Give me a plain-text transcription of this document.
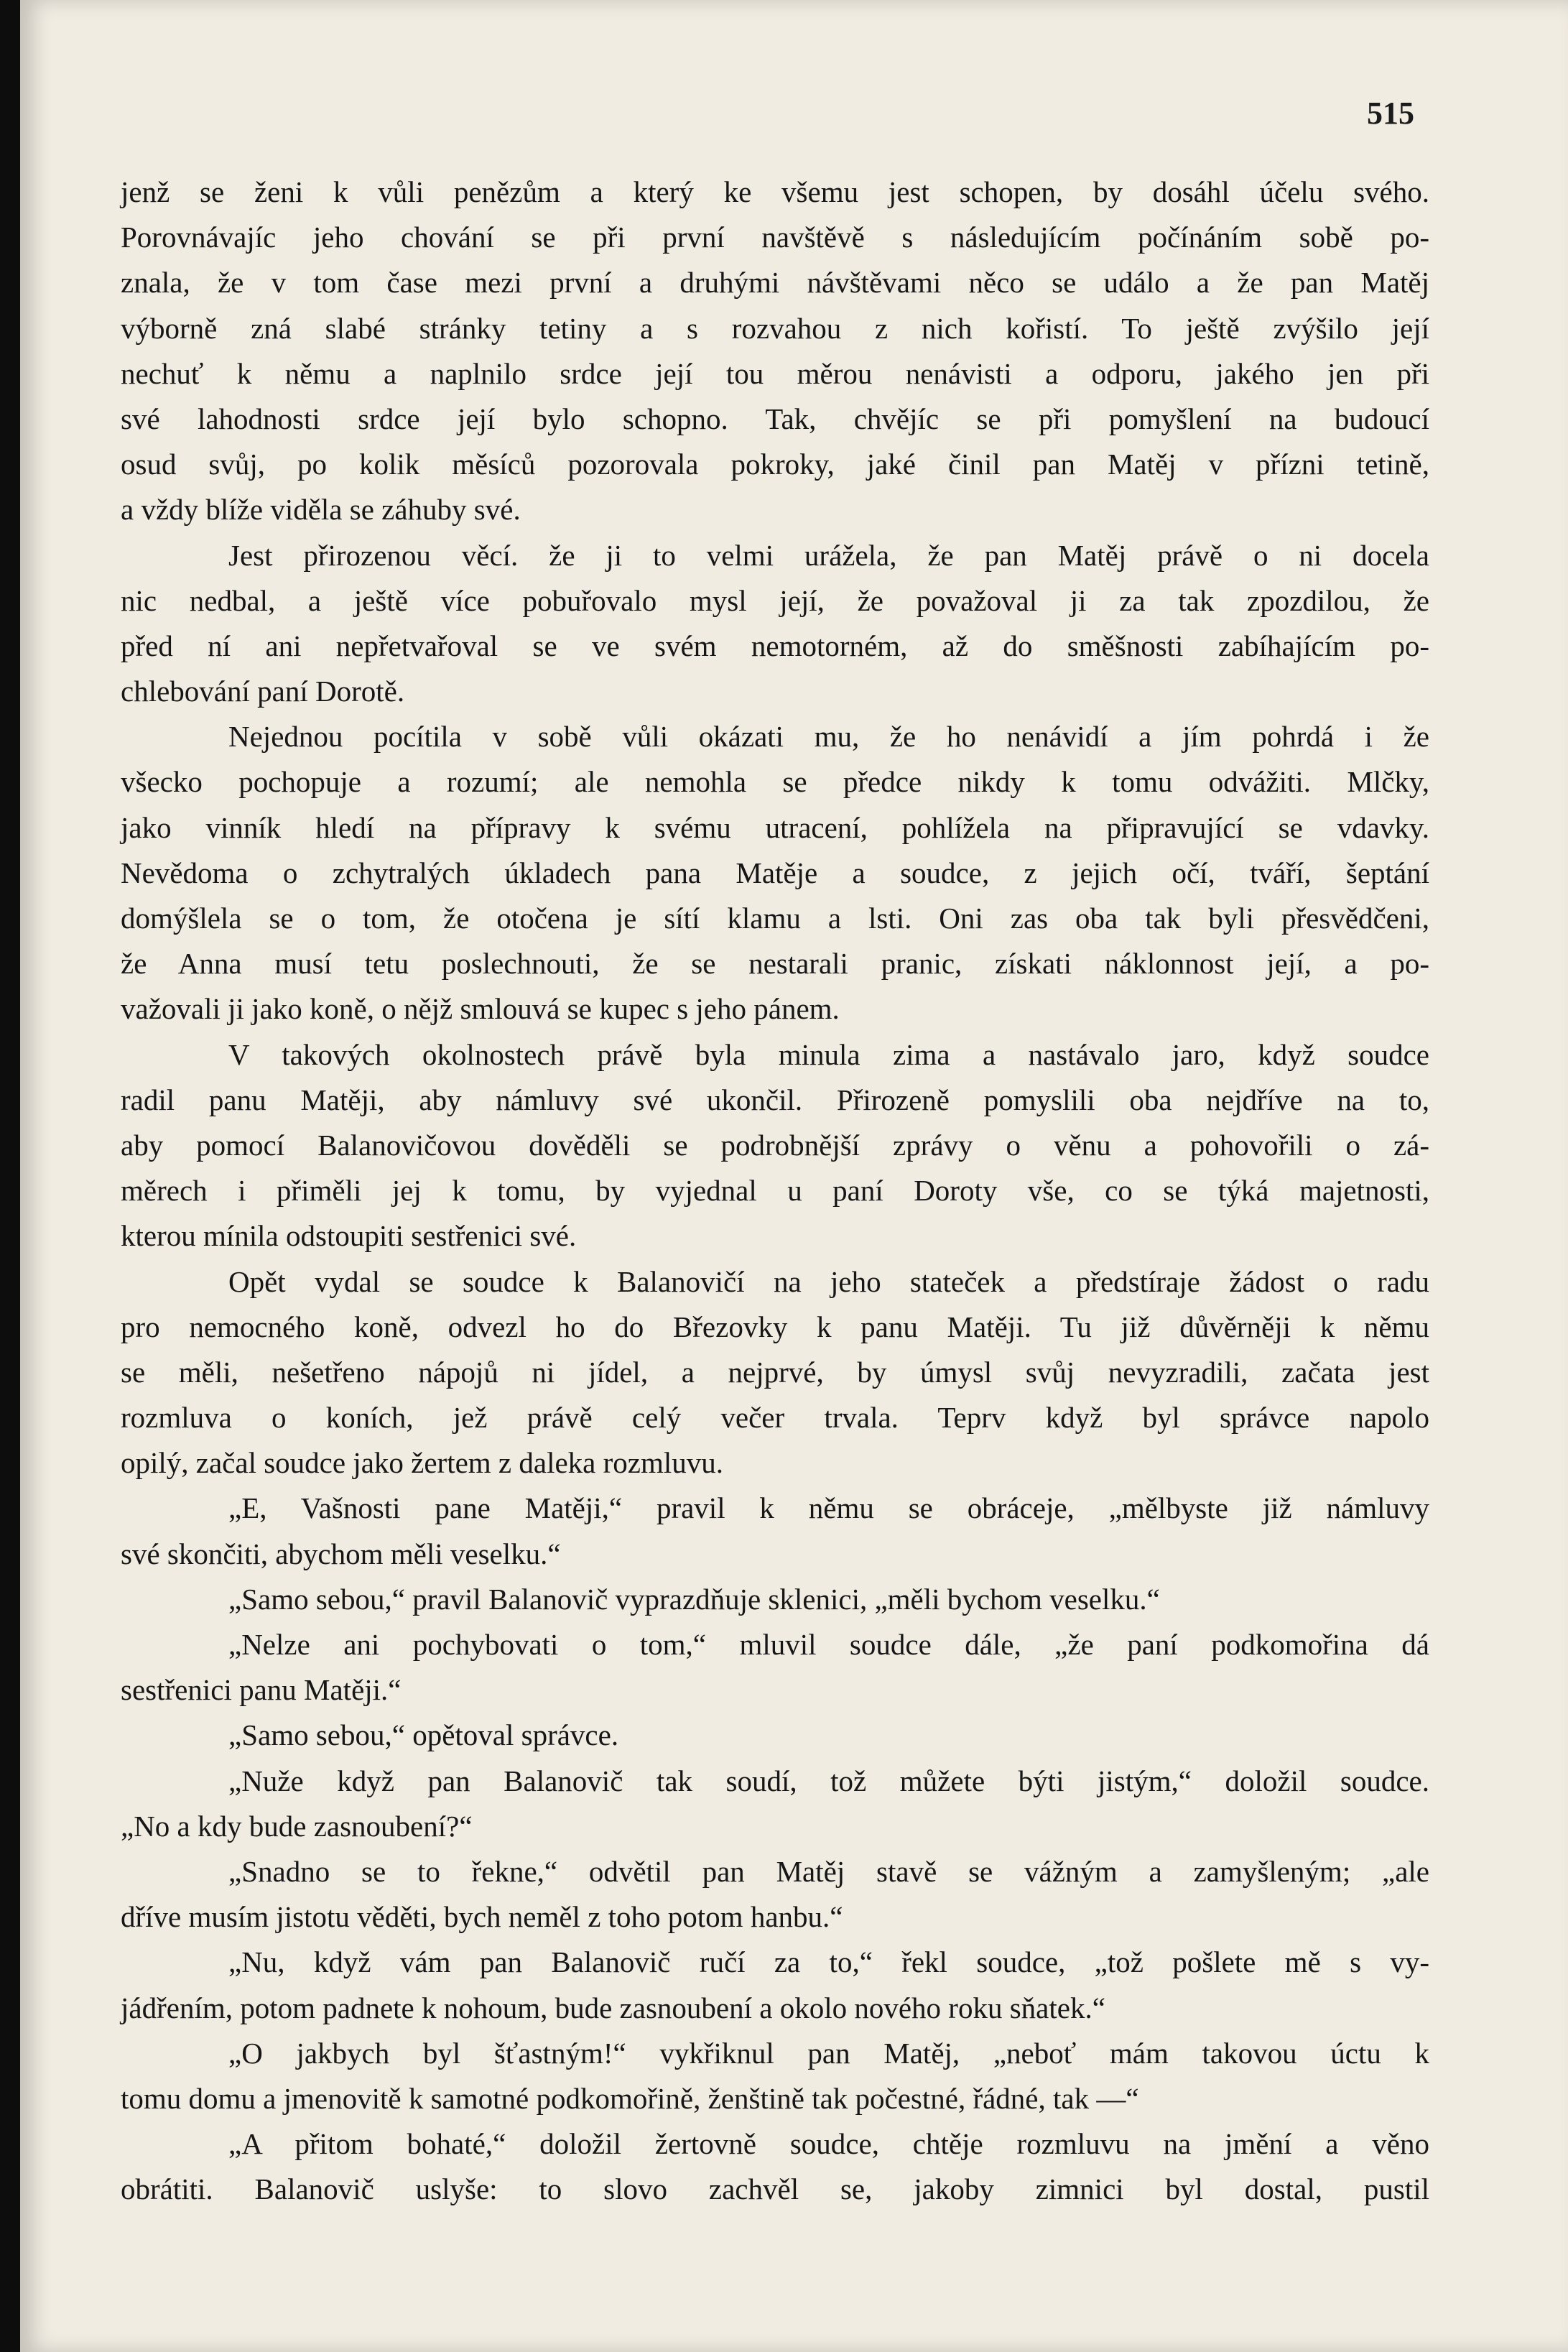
515
jenž se ženi k vůli penězům a který ke všemu jest schopen, by dosáhl účelu svého.
Porovnávajíc jeho chování se při první navštěvě s následujícím počínáním sobě po-
znala, že v tom čase mezi první a druhými návštěvami něco se událo a že pan Matěj
výborně zná slabé stránky tetiny a s rozvahou z nich kořistí. To ještě zvýšilo její
nechuť k němu a naplnilo srdce její tou měrou nenávisti a odporu, jakého jen při
své lahodnosti srdce její bylo schopno. Tak, chvějíc se při pomyšlení na budoucí
osud svůj, po kolik měsíců pozorovala pokroky, jaké činil pan Matěj v přízni tetině,
a vždy blíže viděla se záhuby své.
Jest přirozenou věcí. že ji to velmi urážela, že pan Matěj právě o ni docela
nic nedbal, a ještě více pobuřovalo mysl její, že považoval ji za tak zpozdilou, že
před ní ani nepřetvařoval se ve svém nemotorném, až do směšnosti zabíhajícím po-
chlebování paní Dorotě.
Nejednou pocítila v sobě vůli okázati mu, že ho nenávidí a jím pohrdá i že
všecko pochopuje a rozumí; ale nemohla se předce nikdy k tomu odvážiti. Mlčky,
jako vinník hledí na přípravy k svému utracení, pohlížela na připravující se vdavky.
Nevědoma o zchytralých úkladech pana Matěje a soudce, z jejich očí, tváří, šeptání
domýšlela se o tom, že otočena je sítí klamu a lsti. Oni zas oba tak byli přesvědčeni,
že Anna musí tetu poslechnouti, že se nestarali pranic, získati náklonnost její, a po-
važovali ji jako koně, o nějž smlouvá se kupec s jeho pánem.
V takových okolnostech právě byla minula zima a nastávalo jaro, když soudce
radil panu Matěji, aby námluvy své ukončil. Přirozeně pomyslili oba nejdříve na to,
aby pomocí Balanovičovou dověděli se podrobnější zprávy o věnu a pohovořili o zá-
měrech i přiměli jej k tomu, by vyjednal u paní Doroty vše, co se týká majetnosti,
kterou mínila odstoupiti sestřenici své.
Opět vydal se soudce k Balanovičí na jeho stateček a předstíraje žádost o radu
pro nemocného koně, odvezl ho do Březovky k panu Matěji. Tu již důvěrněji k němu
se měli, nešetřeno nápojů ni jídel, a nejprvé, by úmysl svůj nevyzradili, začata jest
rozmluva o koních, jež právě celý večer trvala. Teprv když byl správce napolo
opilý, začal soudce jako žertem z daleka rozmluvu.
„E, Vašnosti pane Matěji,“ pravil k němu se obráceje, „mělbyste již námluvy
své skončiti, abychom měli veselku.“
„Samo sebou,“ pravil Balanovič vyprazdňuje sklenici, „měli bychom veselku.“
„Nelze ani pochybovati o tom,“ mluvil soudce dále, „že paní podkomořina dá
sestřenici panu Matěji.“
„Samo sebou,“ opětoval správce.
„Nuže když pan Balanovič tak soudí, tož můžete býti jistým,“ doložil soudce.
„No a kdy bude zasnoubení?“
„Snadno se to řekne,“ odvětil pan Matěj stavě se vážným a zamyšleným; „ale
dříve musím jistotu věděti, bych neměl z toho potom hanbu.“
„Nu, když vám pan Balanovič ručí za to,“ řekl soudce, „tož pošlete mě s vy-
jádřením, potom padnete k nohoum, bude zasnoubení a okolo nového roku sňatek.“
„O jakbych byl šťastným!“ vykřiknul pan Matěj, „neboť mám takovou úctu k
tomu domu a jmenovitě k samotné podkomořině, ženštině tak počestné, řádné, tak —“
„A přitom bohaté,“ doložil žertovně soudce, chtěje rozmluvu na jmění a věno
obrátiti. Balanovič uslyše: to slovo zachvěl se, jakoby zimnici byl dostal, pustil
